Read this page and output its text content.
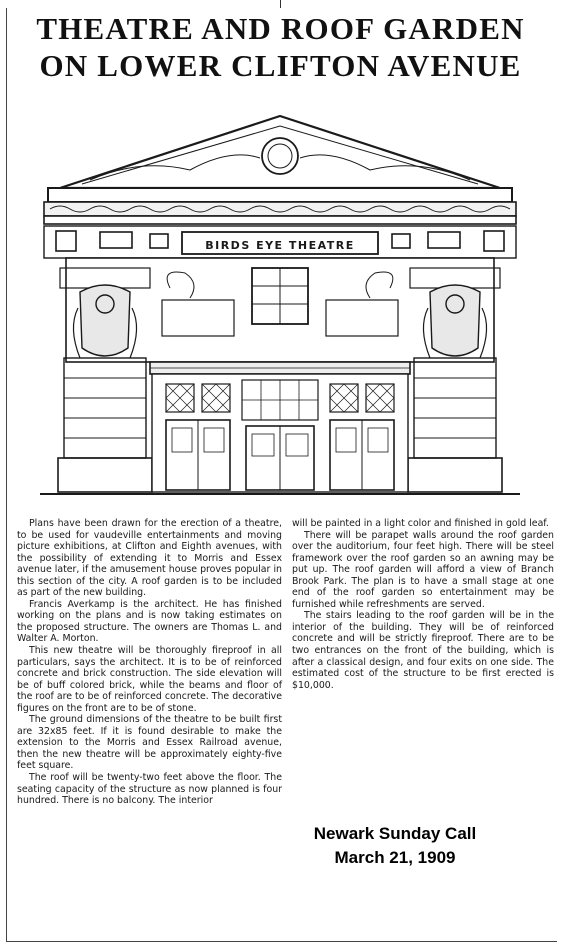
THEATRE AND ROOF GARDEN
ON LOWER CLIFTON AVENUE
BIRDS EYE THEATRE

Plans have been drawn for the erection of a theatre, to be used for vaudeville entertainments and moving picture exhibitions, at Clifton and Eighth avenues, with the possibility of extending it to Morris and Essex avenue later, if the amusement house proves popular in this section of the city. A roof garden is to be included as part of the new building.

Francis Averkamp is the architect. He has finished working on the plans and is now taking estimates on the proposed structure. The owners are Thomas L. and Walter A. Morton.

This new theatre will be thoroughly fireproof in all particulars, says the architect. It is to be of reinforced concrete and brick construction. The side elevation will be of buff colored brick, while the beams and floor of the roof are to be of reinforced concrete. The decorative figures on the front are to be of stone.

The ground dimensions of the theatre to be built first are 32x85 feet. If it is found desirable to make the extension to the Morris and Essex Railroad avenue, then the new theatre will be approximately eighty-five feet square.

The roof will be twenty-two feet above the floor. The seating capacity of the structure as now planned is four hundred. There is no balcony. The interior

will be painted in a light color and finished in gold leaf.

There will be parapet walls around the roof garden over the auditorium, four feet high. There will be steel framework over the roof garden so an awning may be put up. The roof garden will afford a view of Branch Brook Park. The plan is to have a small stage at one end of the roof garden so entertainment may be furnished while refreshments are served.

The stairs leading to the roof garden will be in the interior of the building. They will be of reinforced concrete and will be strictly fireproof. There are to be two entrances on the front of the building, which is after a classical design, and four exits on one side. The estimated cost of the structure to be first erected is $10,000.

Newark Sunday Call
March 21, 1909
